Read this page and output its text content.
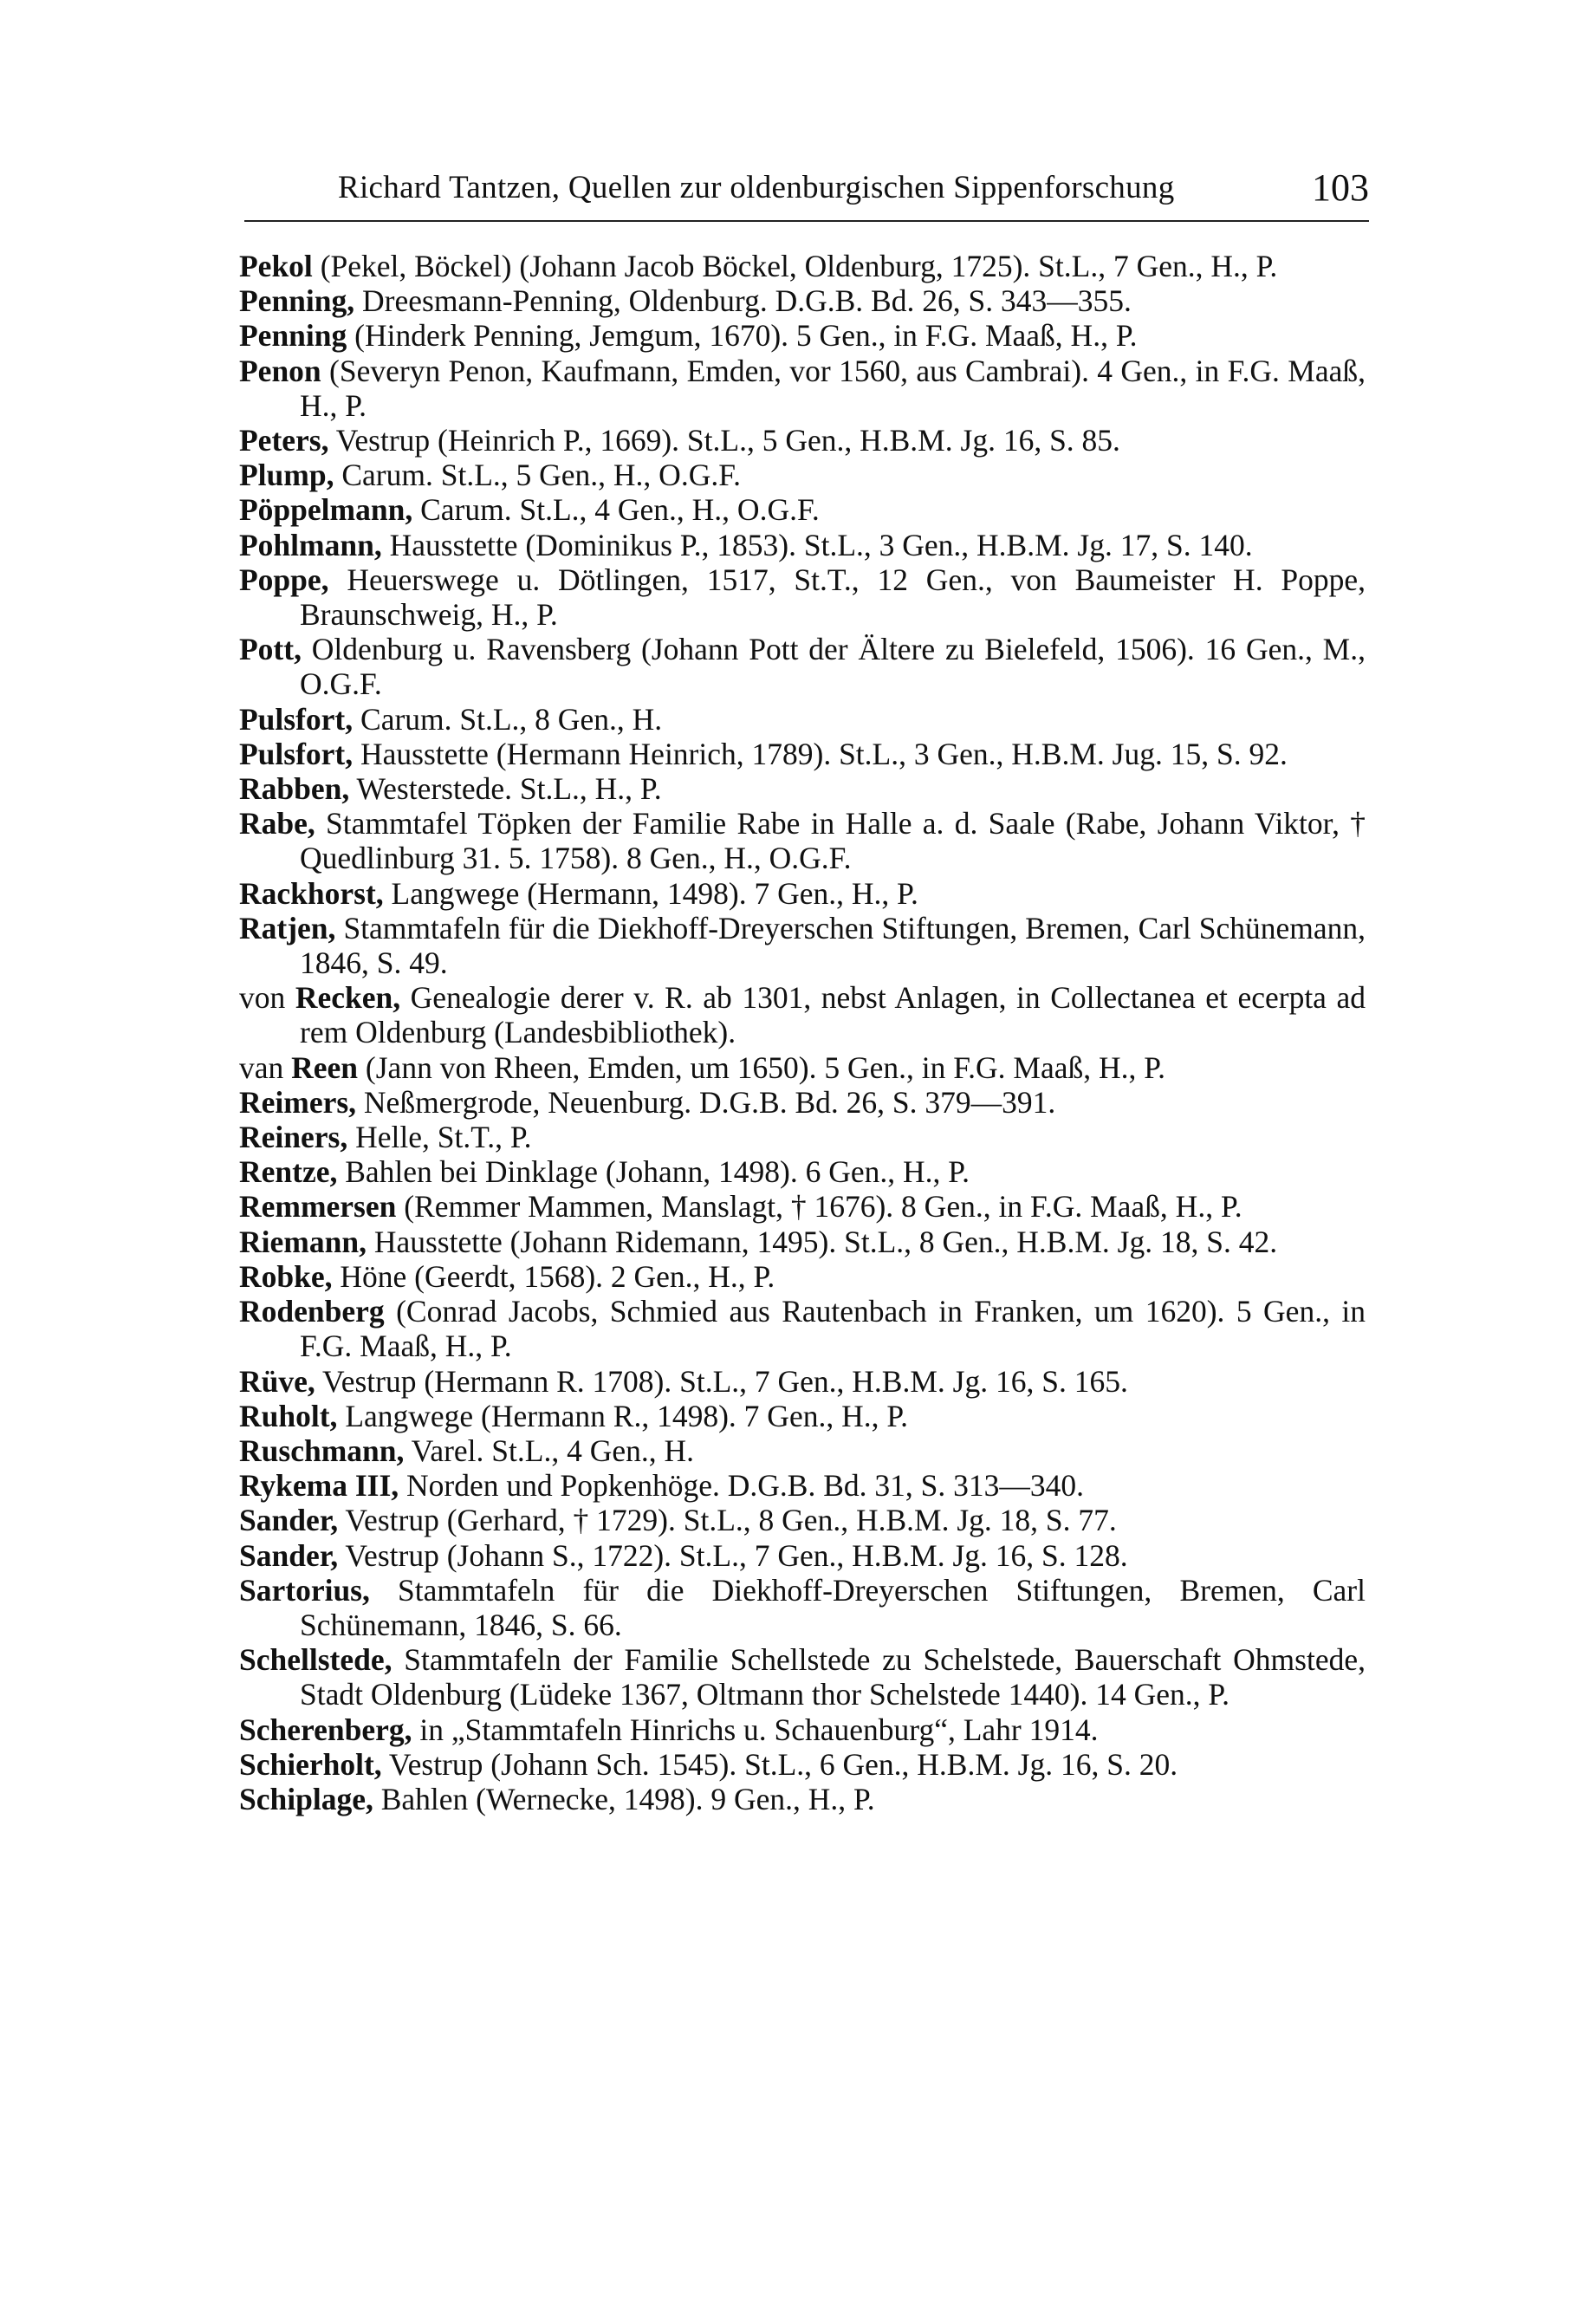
Richard Tantzen, Quellen zur oldenburgischen Sippenforschung	103

Pekol (Pekel, Böckel) (Johann Jacob Böckel, Oldenburg, 1725). St.L., 7 Gen., H., P.

Penning, Dreesmann-Penning, Oldenburg. D.G.B. Bd. 26, S. 343—355.

Penning (Hinderk Penning, Jemgum, 1670). 5 Gen., in F.G. Maaß, H., P.

Penon (Severyn Penon, Kaufmann, Emden, vor 1560, aus Cambrai). 4 Gen., in F.G. Maaß, H., P.

Peters, Vestrup (Heinrich P., 1669). St.L., 5 Gen., H.B.M. Jg. 16, S. 85.

Plump, Carum. St.L., 5 Gen., H., O.G.F.

Pöppelmann, Carum. St.L., 4 Gen., H., O.G.F.

Pohlmann, Hausstette (Dominikus P., 1853). St.L., 3 Gen., H.B.M. Jg. 17, S. 140.

Poppe, Heuerswege u. Dötlingen, 1517, St.T., 12 Gen., von Baumeister H. Poppe, Braunschweig, H., P.

Pott, Oldenburg u. Ravensberg (Johann Pott der Ältere zu Bielefeld, 1506). 16 Gen., M., O.G.F.

Pulsfort, Carum. St.L., 8 Gen., H.

Pulsfort, Hausstette (Hermann Heinrich, 1789). St.L., 3 Gen., H.B.M. Jug. 15, S. 92.

Rabben, Westerstede. St.L., H., P.

Rabe, Stammtafel Töpken der Familie Rabe in Halle a. d. Saale (Rabe, Johann Viktor, † Quedlinburg 31. 5. 1758). 8 Gen., H., O.G.F.

Rackhorst, Langwege (Hermann, 1498). 7 Gen., H., P.

Ratjen, Stammtafeln für die Diekhoff-Dreyerschen Stiftungen, Bremen, Carl Schünemann, 1846, S. 49.

von Recken, Genealogie derer v. R. ab 1301, nebst Anlagen, in Collectanea et ecerpta ad rem Oldenburg (Landesbibliothek).

van Reen (Jann von Rheen, Emden, um 1650). 5 Gen., in F.G. Maaß, H., P.

Reimers, Neßmergrode, Neuenburg. D.G.B. Bd. 26, S. 379—391.

Reiners, Helle, St.T., P.

Rentze, Bahlen bei Dinklage (Johann, 1498). 6 Gen., H., P.

Remmersen (Remmer Mammen, Manslagt, † 1676). 8 Gen., in F.G. Maaß, H., P.

Riemann, Hausstette (Johann Ridemann, 1495). St.L., 8 Gen., H.B.M. Jg. 18, S. 42.

Robke, Höne (Geerdt, 1568). 2 Gen., H., P.

Rodenberg (Conrad Jacobs, Schmied aus Rautenbach in Franken, um 1620). 5 Gen., in F.G. Maaß, H., P.

Rüve, Vestrup (Hermann R. 1708). St.L., 7 Gen., H.B.M. Jg. 16, S. 165.

Ruholt, Langwege (Hermann R., 1498). 7 Gen., H., P.

Ruschmann, Varel. St.L., 4 Gen., H.

Rykema III, Norden und Popkenhöge. D.G.B. Bd. 31, S. 313—340.

Sander, Vestrup (Gerhard, † 1729). St.L., 8 Gen., H.B.M. Jg. 18, S. 77.

Sander, Vestrup (Johann S., 1722). St.L., 7 Gen., H.B.M. Jg. 16, S. 128.

Sartorius, Stammtafeln für die Diekhoff-Dreyerschen Stiftungen, Bremen, Carl Schünemann, 1846, S. 66.

Schellstede, Stammtafeln der Familie Schellstede zu Schelstede, Bauerschaft Ohmstede, Stadt Oldenburg (Lüdeke 1367, Oltmann thor Schelstede 1440). 14 Gen., P.

Scherenberg, in „Stammtafeln Hinrichs u. Schauenburg“, Lahr 1914.

Schierholt, Vestrup (Johann Sch. 1545). St.L., 6 Gen., H.B.M. Jg. 16, S. 20.

Schiplage, Bahlen (Wernecke, 1498). 9 Gen., H., P.
